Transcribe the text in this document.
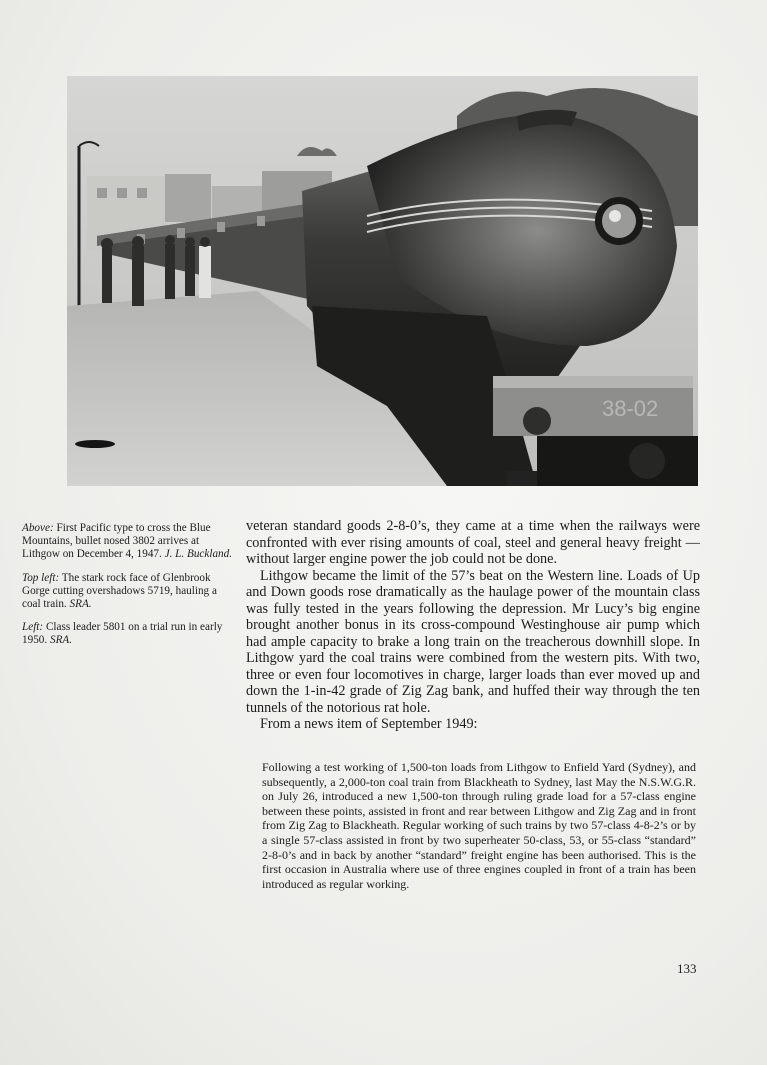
38-02

Above: First Pacific type to cross the Blue Mountains, bullet nosed 3802 arrives at Lithgow on December 4, 1947. J. L. Buckland.

Top left: The stark rock face of Glenbrook Gorge cutting overshadows 5719, hauling a coal train. SRA.

Left: Class leader 5801 on a trial run in early 1950. SRA.

veteran standard goods 2-8-0’s, they came at a time when the railways were confronted with ever rising amounts of coal, steel and general heavy freight — without larger engine power the job could not be done.

Lithgow became the limit of the 57’s beat on the Western line. Loads of Up and Down goods rose dramatically as the haulage power of the mountain class was fully tested in the years following the depression. Mr Lucy’s big engine brought another bonus in its cross-compound Westinghouse air pump which had ample capacity to brake a long train on the treacherous downhill slope. In Lithgow yard the coal trains were combined from the western pits. With two, three or even four locomotives in charge, larger loads than ever moved up and down the 1-in-42 grade of Zig Zag bank, and huffed their way through the ten tunnels of the notorious rat hole.

From a news item of September 1949:

Following a test working of 1,500-ton loads from Lithgow to Enfield Yard (Sydney), and subsequently, a 2,000-ton coal train from Blackheath to Sydney, last May the N.S.W.G.R. on July 26, introduced a new 1,500-ton through ruling grade load for a 57-class engine between these points, assisted in front and rear between Lithgow and Zig Zag and in front from Zig Zag to Blackheath. Regular working of such trains by two 57-class 4-8-2’s or by a single 57-class assisted in front by two superheater 50-class, 53, or 55-class “standard” 2-8-0’s and in back by another “standard” freight engine has been authorised. This is the first occasion in Australia where use of three engines coupled in front of a train has been introduced as regular working.
133
